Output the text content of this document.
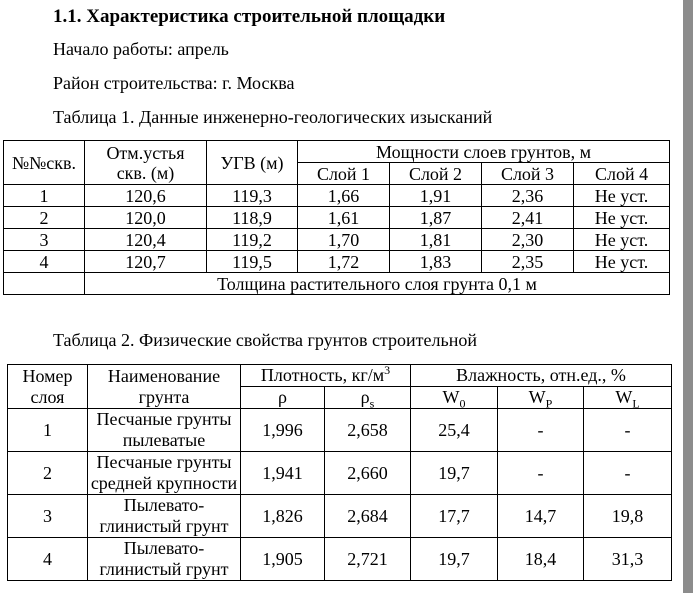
1.1. Характеристика строительной площадки

Начало работы: апрель

Район строительства: г. Москва

Таблица 1. Данные инженерно-геологических изысканий

№№скв.	Отм.устья
скв. (м)	УГВ (м)	Мощности слоев грунтов, м			
			Слой 1	Слой 2	Слой 3	Слой 4
1	120,6	119,3	1,66	1,91	2,36	Не уст.
2	120,0	118,9	1,61	1,87	2,41	Не уст.
3	120,4	119,2	1,70	1,81	2,30	Не уст.
4	120,7	119,5	1,72	1,83	2,35	Не уст.
	Толщина растительного слоя грунта 0,1 м					

Таблица 2. Физические свойства грунтов строительной

Номер
слоя	Наименование
грунта	Плотность, $кг/м^3$		Влажность, отн.ед., %		
		ρ	$\rho_s$	$W_0$	$W_P$	$W_L$
1	Песчаные грунты
пылеватые	1,996	2,658	25,4	-	-
2	Песчаные грунты
средней крупности	1,941	2,660	19,7	-	-
3	Пылевато-
глинистый грунт	1,826	2,684	17,7	14,7	19,8
4	Пылевато-
глинистый грунт	1,905	2,721	19,7	18,4	31,3
